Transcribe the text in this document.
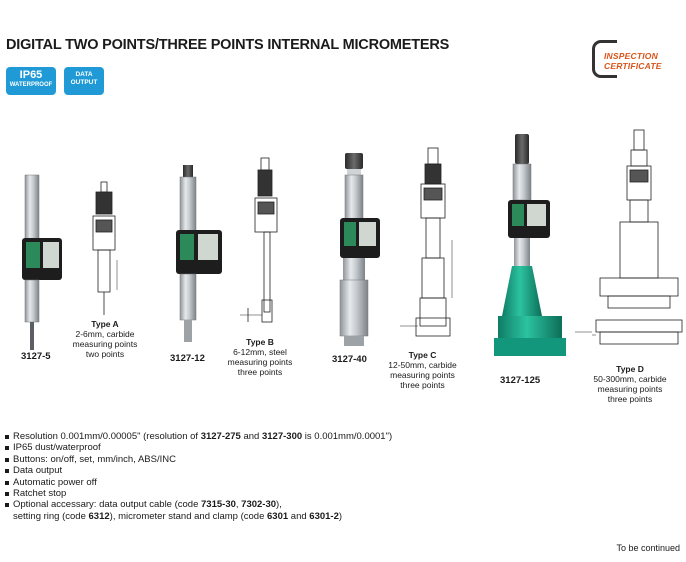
DIGITAL TWO POINTS/THREE POINTS INTERNAL MICROMETERS
INSPECTION
CERTIFICATE
IP65
WATERPROOF
DATA
OUTPUT
3127-5	3127-12	3127-40
3127-125
Type A
2-6mm, carbide
measuring points
two points
Type B
6-12mm, steel
measuring points
three points
Type C
12-50mm, carbide
measuring points
three points
Type D
50-300mm, carbide
measuring points
three points
Resolution 0.001mm/0.00005" (resolution of 3127-275 and 3127-300 is 0.001mm/0.0001")
IP65 dust/waterproof
Buttons: on/off, set, mm/inch, ABS/INC
Data output
Automatic power off
Ratchet stop
Optional accessary: data output cable (code 7315-30, 7302-30),
setting ring (code 6312), micrometer stand and clamp (code 6301 and 6301-2)
To be continued
